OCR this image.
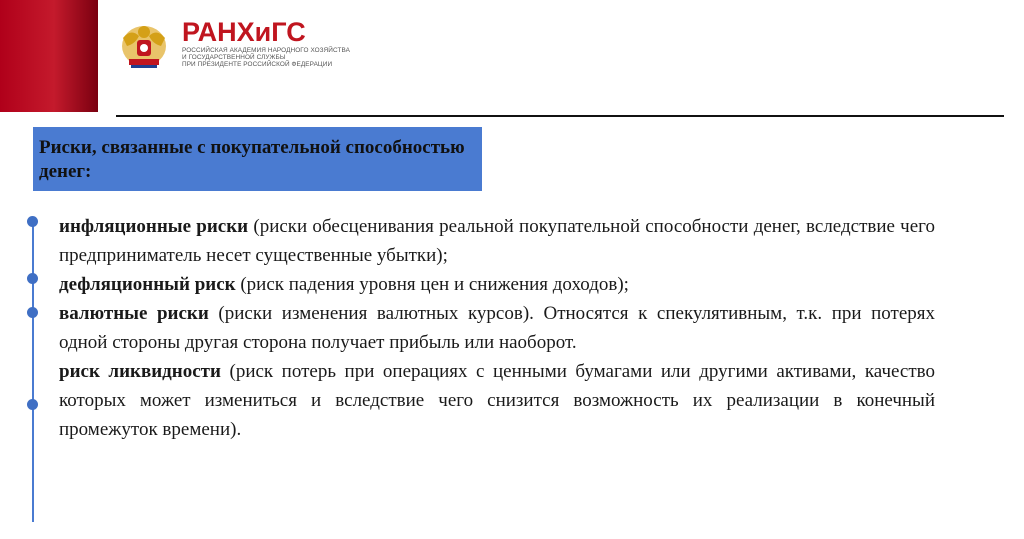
РАНХиГС
РОССИЙСКАЯ АКАДЕМИЯ НАРОДНОГО ХОЗЯЙСТВА
И ГОСУДАРСТВЕННОЙ СЛУЖБЫ
ПРИ ПРЕЗИДЕНТЕ РОССИЙСКОЙ ФЕДЕРАЦИИ
Риски, связанные с покупательной способностью денег:

инфляционные риски (риски обесценивания реальной покупательной способности денег, вследствие чего предприниматель несет существенные убытки);

дефляционный риск (риск падения уровня цен и снижения доходов);

валютные риски (риски изменения валютных курсов). Относятся к спекулятивным, т.к. при потерях одной стороны другая сторона получает прибыль или наоборот.

риск ликвидности (риск потерь при операциях с ценными бумагами или другими активами, качество которых может измениться и вследствие чего снизится возможность их реализации в конечный промежуток времени).
